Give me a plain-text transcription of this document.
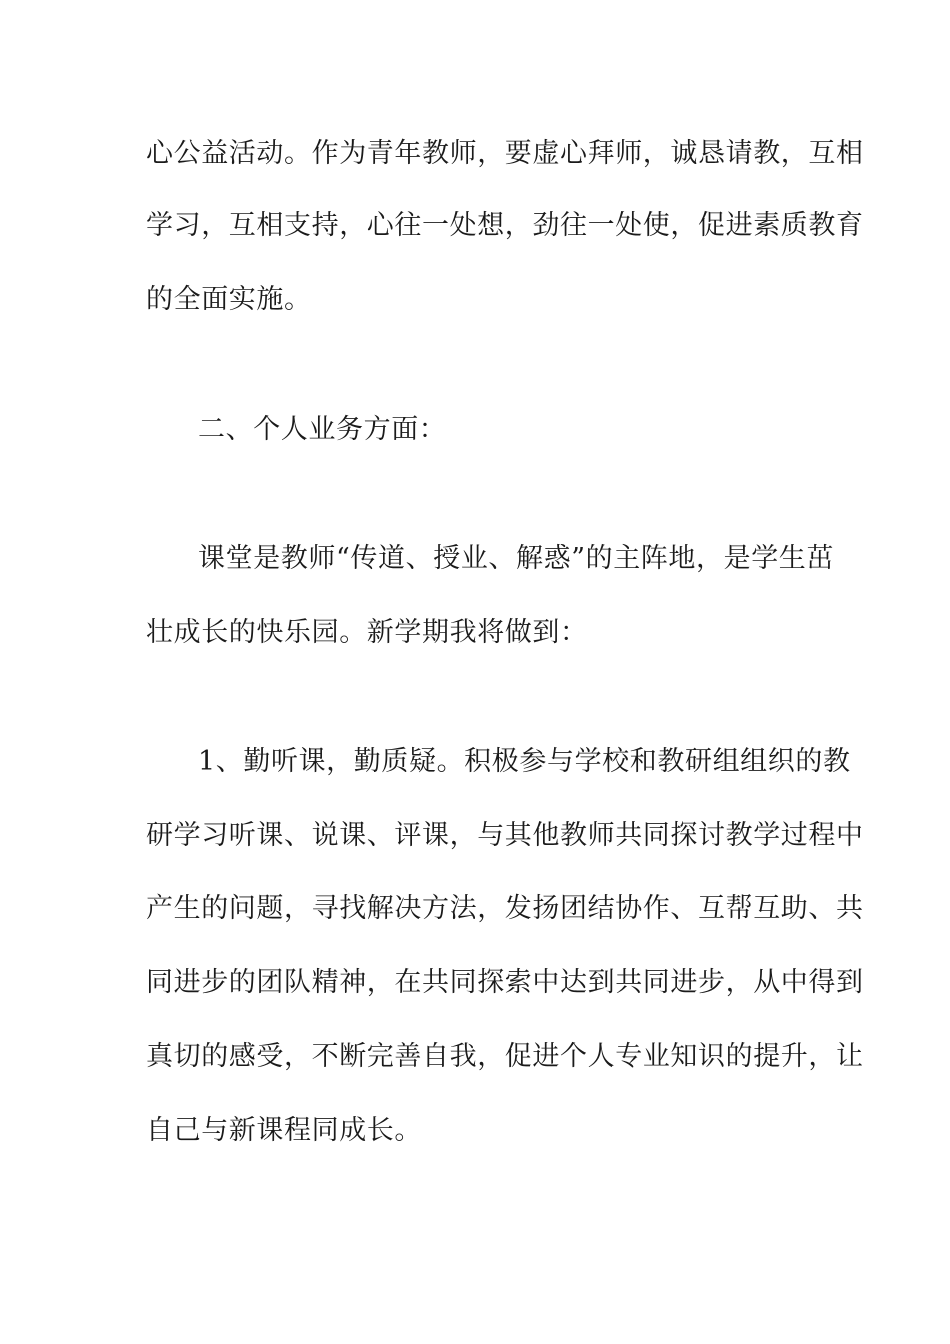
心公益活动。作为青年教师，要虚心拜师，诚恳请教，互相
学习，互相支持，心往一处想，劲往一处使，促进素质教育
的全面实施。
二、个人业务方面：
课堂是教师“传道、授业、解惑”的主阵地，是学生茁
壮成长的快乐园。新学期我将做到：
1、勤听课，勤质疑。积极参与学校和教研组组织的教
研学习听课、说课、评课，与其他教师共同探讨教学过程中
产生的问题，寻找解决方法，发扬团结协作、互帮互助、共
同进步的团队精神，在共同探索中达到共同进步，从中得到
真切的感受，不断完善自我，促进个人专业知识的提升，让
自己与新课程同成长。
